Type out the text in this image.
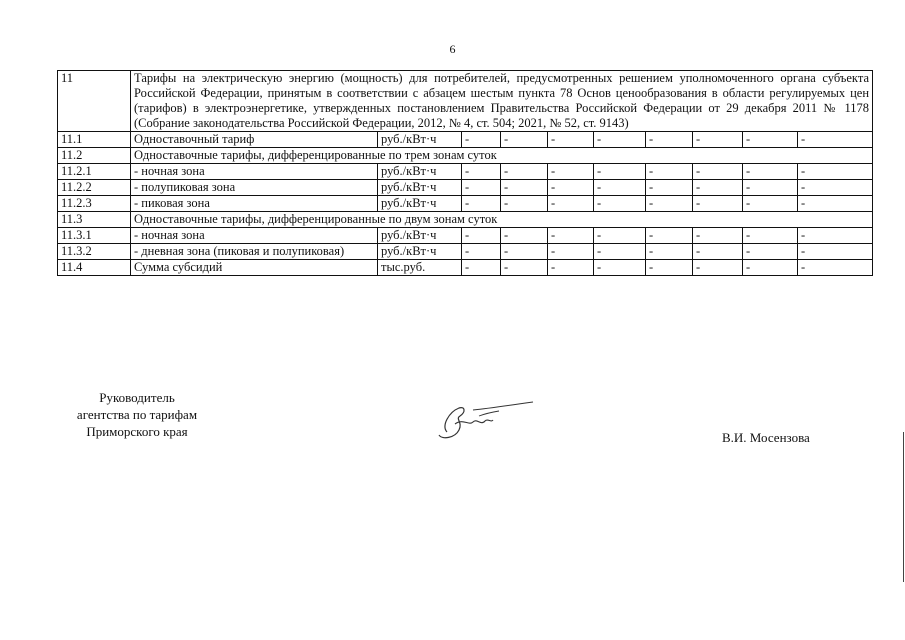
6
11	Тарифы на электрическую энергию (мощность) для потребителей, предусмотренных решением уполномоченного органа субъекта Российской Федерации, принятым в соответствии с абзацем шестым пункта 78 Основ ценообразования в области регулируемых цен (тарифов) в электроэнергетике, утвержденных постановлением Правительства Российской Федерации от 29 декабря 2011 № 1178 (Собрание законодательства Российской Федерации, 2012, № 4, ст. 504; 2021, № 52, ст. 9143)									
11.1	Одноставочный тариф	руб./кВт·ч	-	-	-	-	-	-	-	-
11.2	Одноставочные тарифы, дифференцированные по трем зонам суток									
11.2.1	- ночная зона	руб./кВт·ч	-	-	-	-	-	-	-	-
11.2.2	- полупиковая зона	руб./кВт·ч	-	-	-	-	-	-	-	-
11.2.3	- пиковая зона	руб./кВт·ч	-	-	-	-	-	-	-	-
11.3	Одноставочные тарифы, дифференцированные по двум зонам суток									
11.3.1	- ночная зона	руб./кВт·ч	-	-	-	-	-	-	-	-
11.3.2	- дневная зона (пиковая и полупиковая)	руб./кВт·ч	-	-	-	-	-	-	-	-
11.4	Сумма субсидий	тыс.руб.	-	-	-	-	-	-	-	-
Руководитель
агентства по тарифам
Приморского края	В.И. Мосензова
